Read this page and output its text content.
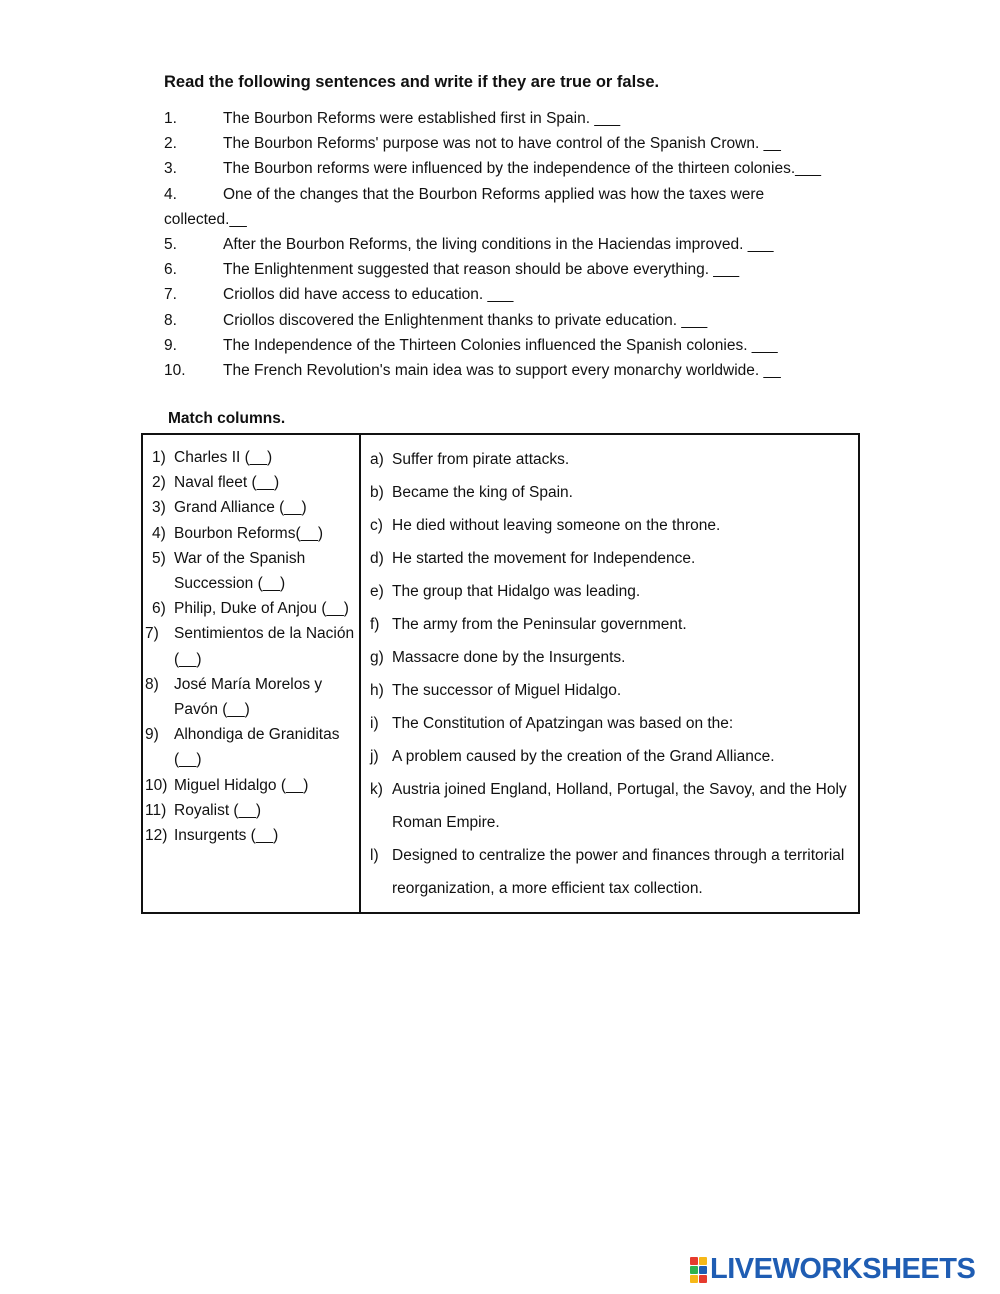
Read the following sentences and write if they are true or false.
1.	The Bourbon Reforms were established first in Spain. ___
2.	The Bourbon Reforms' purpose was not to have control of the Spanish Crown. __
3.	The Bourbon reforms were influenced by the independence of the thirteen colonies.___
4.	One of the changes that the Bourbon Reforms applied was how the taxes were
collected.__
5.	After the Bourbon Reforms, the living conditions in the Haciendas improved. ___
6.	The Enlightenment suggested that reason should be above everything. ___
7.	Criollos did have access to education. ___
8.	Criollos discovered the Enlightenment thanks to private education. ___
9.	The Independence of the Thirteen Colonies influenced the Spanish colonies. ___
10.	The French Revolution's main idea was to support every monarchy worldwide. __
Match columns.
1) Charles II (__)
2) Naval fleet (__)
3) Grand Alliance (__)
4) Bourbon Reforms(__)
5) War of the Spanish Succession (__)
6) Philip, Duke of Anjou (__)
7) Sentimientos de la Nación (__)
8) José María Morelos y Pavón (__)
9) Alhondiga de Graniditas (__)
10) Miguel Hidalgo (__)
11) Royalist (__)
12) Insurgents (__)
a) Suffer from pirate attacks.
b) Became the king of Spain.
c) He died without leaving someone on the throne.
d) He started the movement for Independence.
e) The group that Hidalgo was leading.
f) The army from the Peninsular government.
g) Massacre done by the Insurgents.
h) The successor of Miguel Hidalgo.
i) The Constitution of Apatzingan was based on the:
j) A problem caused by the creation of the Grand Alliance.
k) Austria joined England, Holland, Portugal, the Savoy, and the Holy Roman Empire.
l) Designed to centralize the power and finances through a territorial reorganization, a more efficient tax collection.
LIVEWORKSHEETS
